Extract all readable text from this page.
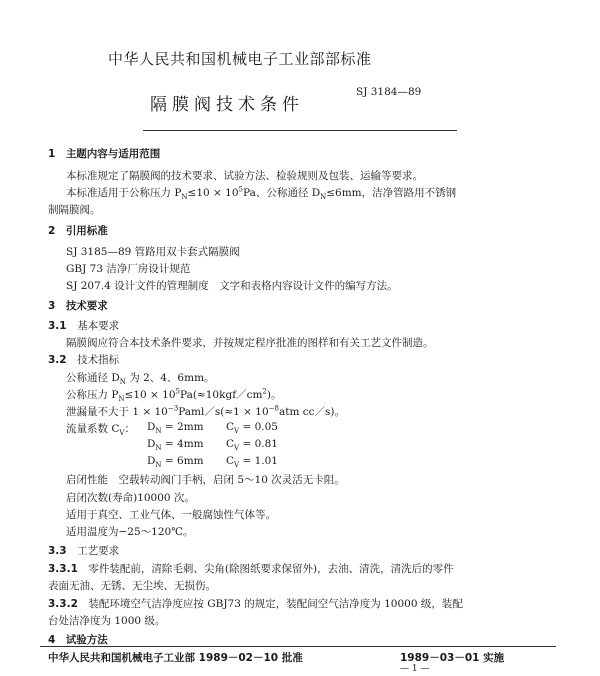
中华人民共和国机械电子工业部部标准
隔膜阀技术条件
SJ 3184—89
1　 主题内容与适用范围
本标准规定了隔膜阀的技术要求、试验方法、检验规则及包装、运输等要求。
本标准适用于公称压力 $P_N\le 10 \times 10^5Pa$、公称通径 $D_N\le 6mm$，洁净管路用不锈钢
制隔膜阀。
2　 引用标准
SJ 3185—89 管路用双卡套式隔膜阀
GBJ 73 洁净厂房设计规范
SJ 207.4 设计文件的管理制度　文字和表格内容设计文件的编写方法。
3　 技术要求
3.1　 基本要求
隔膜阀应符合本技术条件要求，并按规定程序批准的图样和有关工艺文件制造。
3.2　 技术指标
公称通径 $D_N$ 为 2、4、6mm。
公称压力 $P_N\le 10$ × $10^5Pa(\approx 10kgf/cm^2)$。
泄漏量不大于 $1 \times 10^{-3}Paml/s(\approx 1 \times 10^{-8}atm$ cc／s)。
流量系数 $C_V$： $D_N = 2mm$ $C_V = 0.05$
$D_N = 4mm$ $C_V = 0.81$
$D_N = 6mm$ $C_V = 1.01$
启闭性能　空载转动阀门手柄，启闭 5～10 次灵活无卡阻。
启闭次数(寿命)10000 次。
适用于真空、工业气体、一般腐蚀性气体等。
适用温度为−25～120℃。
3.3　 工艺要求
3.3.1　 零件装配前，清除毛刺、尖角(除图纸要求保留外)，去油、清洗，清洗后的零件
表面无油、无锈、无尘埃、无损伤。
3.3.2　 装配环境空气洁净度应按 GBJ73 的规定，装配间空气洁净度为 10000 级，装配
台处洁净度为 1000 级。
4　 试验方法
中华人民共和国机械电子工业部 1989－02－10 批准	1989－03－01 实施
— 1 —
